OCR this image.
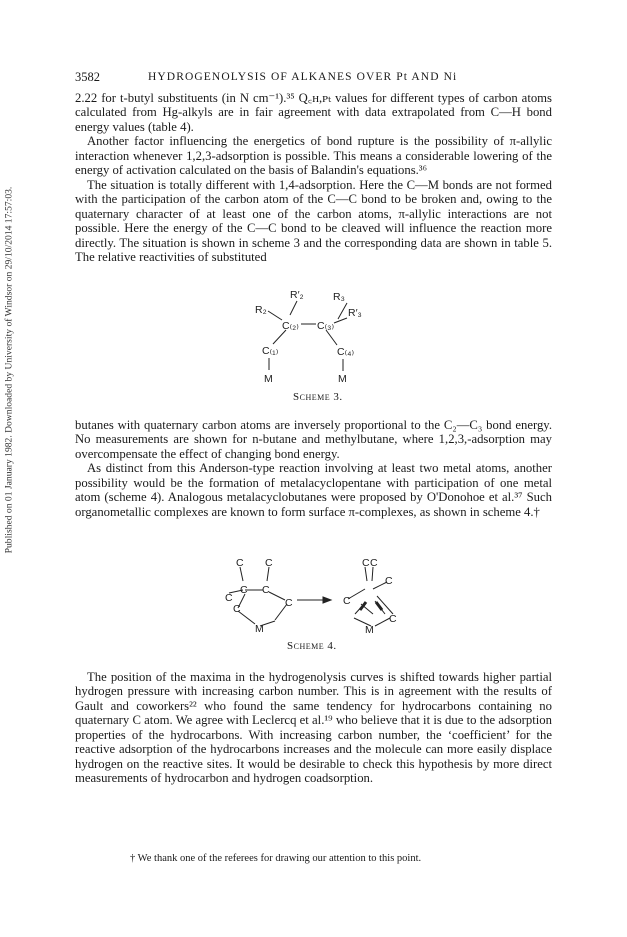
Published on 01 January 1982. Downloaded by University of Windsor on 29/10/2014 17:57:03.
3582	HYDROGENOLYSIS OF ALKANES OVER Pt AND Ni

2.22 for t-butyl substituents (in N cm⁻¹).³⁵ Q꜀ʜ,ᴘₜ values for different types of carbon atoms calculated from Hg-alkyls are in fair agreement with data extrapolated from C—H bond energy values (table 4).

Another factor influencing the energetics of bond rupture is the possibility of π-allylic interaction whenever 1,2,3-adsorption is possible. This means a considerable lowering of the energy of activation calculated on the basis of Balandin's equations.³⁶

The situation is totally different with 1,4-adsorption. Here the C—M bonds are not formed with the participation of the carbon atom of the C—C bond to be broken and, owing to the quaternary character of at least one of the carbon atoms, π-allylic interactions are not possible. Here the energy of the C—C bond to be cleaved will influence the reaction more directly. The situation is shown in scheme 3 and the corresponding data are shown in table 5. The relative reactivities of substituted

R₂
R′₂	R₃
R′₃
C₍₂₎ C₍₃₎
C₍₁₎	C₍₄₎
M	M
Scheme 3.

butanes with quaternary carbon atoms are inversely proportional to the C₂—C₃ bond energy. No measurements are shown for n-butane and methylbutane, where 1,2,3,-adsorption may overcompensate the effect of changing bond energy.

As distinct from this Anderson-type reaction involving at least two metal atoms, another possibility would be the formation of metalacyclopentane with participation of one metal atom (scheme 4). Analogous metalacyclobutanes were proposed by O'Donohoe et al.³⁷ Such organometallic complexes are known to form surface π-complexes, as shown in scheme 4.†

C C
C
C C
C
C
M
C C
C
C
C
M
Scheme 4.

The position of the maxima in the hydrogenolysis curves is shifted towards higher partial hydrogen pressure with increasing carbon number. This is in agreement with the results of Gault and coworkers²² who found the same tendency for hydrocarbons containing no quaternary C atom. We agree with Leclercq et al.¹⁹ who believe that it is due to the adsorption properties of the hydrocarbons. With increasing carbon number, the ‘coefficient’ for the reactive adsorption of the hydrocarbons increases and the molecule can more easily displace hydrogen on the reactive sites. It would be desirable to check this hypothesis by more direct measurements of hydrocarbon and hydrogen coadsorption.

† We thank one of the referees for drawing our attention to this point.
